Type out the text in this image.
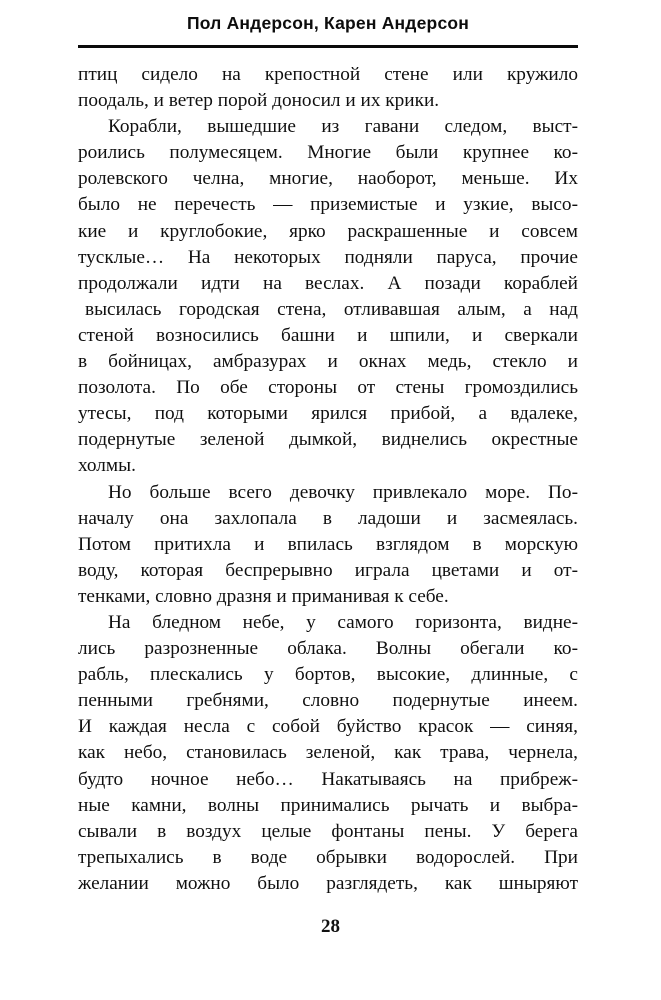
Пол Андерсон, Карен Андерсон
птиц сидело на крепостной стене или кружило
поодаль, и ветер порой доносил и их крики.
Корабли, вышедшие из гавани следом, выст-
роились полумесяцем. Многие были крупнее ко-
ролевского челна, многие, наоборот, меньше. Их
было не перечесть — приземистые и узкие, высо-
кие и круглобокие, ярко раскрашенные и совсем
тусклые… На некоторых подняли паруса, прочие
продолжали идти на веслах. А позади кораблей
высилась городская стена, отливавшая алым, а над
стеной возносились башни и шпили, и сверкали
в бойницах, амбразурах и окнах медь, стекло и
позолота. По обе стороны от стены громоздились
утесы, под которыми ярился прибой, а вдалеке,
подернутые зеленой дымкой, виднелись окрестные
холмы.
Но больше всего девочку привлекало море. По-
началу она захлопала в ладоши и засмеялась.
Потом притихла и впилась взглядом в морскую
воду, которая беспрерывно играла цветами и от-
тенками, словно дразня и приманивая к себе.
На бледном небе, у самого горизонта, видне-
лись разрозненные облака. Волны обегали ко-
рабль, плескались у бортов, высокие, длинные, с
пенными гребнями, словно подернутые инеем.
И каждая несла с собой буйство красок — синяя,
как небо, становилась зеленой, как трава, чернела,
будто ночное небо… Накатываясь на прибреж-
ные камни, волны принимались рычать и выбра-
сывали в воздух целые фонтаны пены. У берега
трепыхались в воде обрывки водорослей. При
желании можно было разглядеть, как шныряют
28
